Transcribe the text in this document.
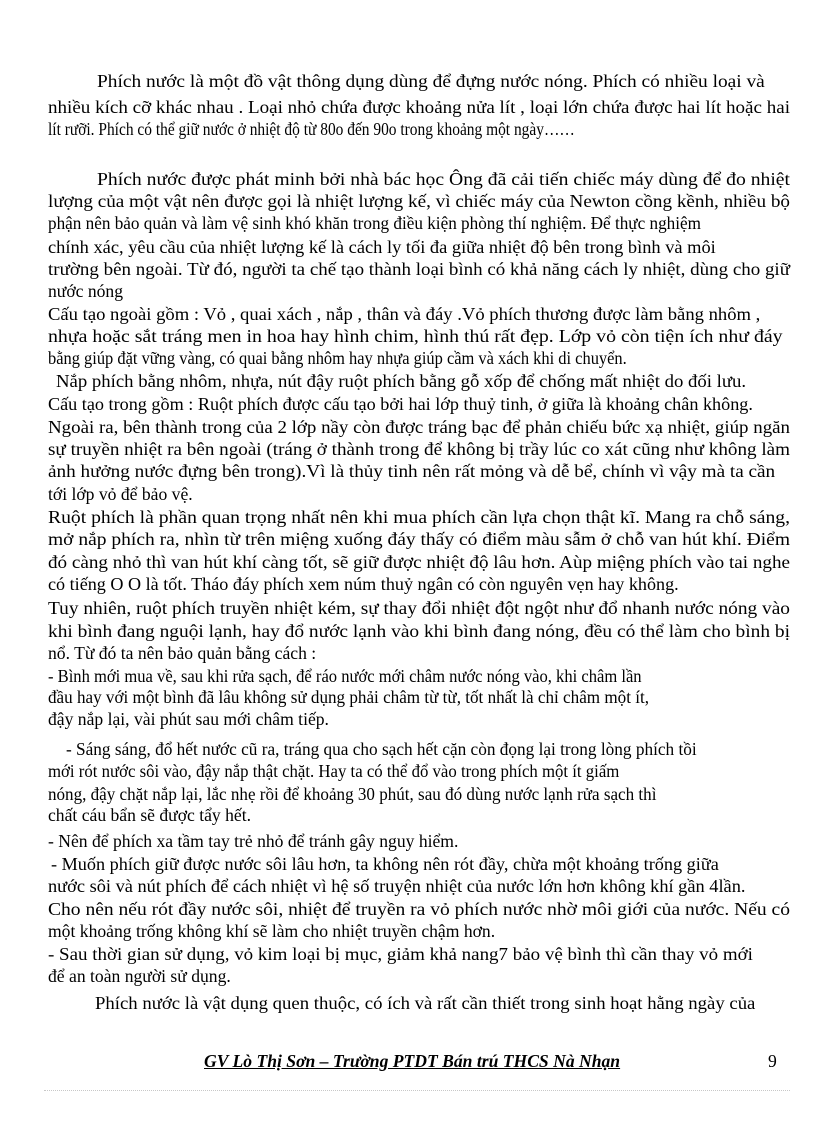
Phích nước là một đồ vật thông dụng dùng để đựng nước nóng. Phích có nhiều loại và
nhiều kích cỡ khác nhau . Loại nhỏ chứa được khoảng nửa lít , loại lớn chứa được hai lít hoặc hai
lít rưỡi. Phích có thể giữ nước ở nhiệt độ từ 80o đến 90o trong khoảng một ngày……
Phích nước được phát minh bởi nhà bác học Ông đã cải tiến chiếc máy dùng để đo nhiệt
lượng của một vật nên được gọi là nhiệt lượng kế, vì chiếc máy của Newton cồng kềnh, nhiều bộ
phận nên bảo quản và làm vệ sinh khó khăn trong điều kiện phòng thí nghiệm. Để thực nghiệm
chính xác, yêu cầu của nhiệt lượng kế là cách ly tối đa giữa nhiệt độ bên trong bình và môi
trường bên ngoài. Từ đó, người ta chế tạo thành loại bình có khả năng cách ly nhiệt, dùng cho giữ
nước nóng
Cấu tạo ngoài gồm : Vỏ , quai xách , nắp , thân và đáy .Vỏ phích thương được làm bằng nhôm ,
nhựa hoặc sắt tráng men in hoa hay hình chim, hình thú rất đẹp. Lớp vỏ còn tiện ích như đáy
bằng giúp đặt vững vàng, có quai bằng nhôm hay nhựa giúp cầm và xách khi di chuyển.
Nắp phích bằng nhôm, nhựa, nút đậy ruột phích bằng gỗ xốp để chống mất nhiệt do đối lưu.
Cấu tạo trong gồm : Ruột phích được cấu tạo bởi hai lớp thuỷ tinh, ở giữa là khoảng chân không.
Ngoài ra, bên thành trong của 2 lớp nầy còn được tráng bạc để phản chiếu bức xạ nhiệt, giúp ngăn
sự truyền nhiệt ra bên ngoài (tráng ở thành trong để không bị trầy lúc co xát cũng như không làm
ảnh hưởng nước đựng bên trong).Vì là thủy tinh nên rất mỏng và dễ bể, chính vì vậy mà ta cần
tới lớp vỏ để bảo vệ.
Ruột phích là phần quan trọng nhất nên khi mua phích cần lựa chọn thật kĩ. Mang ra chỗ sáng,
mở nắp phích ra, nhìn từ trên miệng xuống đáy thấy có điểm màu sẫm ở chỗ van hút khí. Điểm
đó càng nhỏ thì van hút khí càng tốt, sẽ giữ được nhiệt độ lâu hơn. Aùp miệng phích vào tai nghe
có tiếng O O là tốt. Tháo đáy phích xem núm thuỷ ngân có còn nguyên vẹn hay không.
Tuy nhiên, ruột phích truyền nhiệt kém, sự thay đổi nhiệt đột ngột như đổ nhanh nước nóng vào
khi bình đang nguội lạnh, hay đổ nước lạnh vào khi bình đang nóng, đều có thể làm cho bình bị
nổ. Từ đó ta nên bảo quản bằng cách :
- Bình mới mua về, sau khi rửa sạch, để ráo nước mới châm nước nóng vào, khi châm lần
đầu hay với một bình đã lâu không sử dụng phải châm từ từ, tốt nhất là chỉ châm một ít,
đậy nắp lại, vài phút sau mới châm tiếp.
- Sáng sáng, đổ hết nước cũ ra, tráng qua cho sạch hết cặn còn đọng lại trong lòng phích tồi
mới rót nước sôi vào, đậy nắp thật chặt. Hay ta có thể đổ vào trong phích một ít giấm
nóng, đậy chặt nắp lại, lắc nhẹ rồi để khoảng 30 phút, sau đó dùng nước lạnh rửa sạch thì
chất cáu bẩn sẽ được tẩy hết.
- Nên để phích xa tầm tay trẻ nhỏ để tránh gây nguy hiểm.
- Muốn phích giữ được nước sôi lâu hơn, ta không nên rót đầy, chừa một khoảng trống giữa
nước sôi và nút phích để cách nhiệt vì hệ số truyện nhiệt của nước lớn hơn không khí gần 4lần.
Cho nên nếu rót đầy nước sôi, nhiệt để truyền ra vỏ phích nước nhờ môi giới của nước. Nếu có
một khoảng trống không khí sẽ làm cho nhiệt truyền chậm hơn.
- Sau thời gian sử dụng, vỏ kim loại bị mục, giảm khả nang7 bảo vệ bình thì cần thay vỏ mới
để an toàn người sử dụng.
Phích nước là vật dụng quen thuộc, có ích và rất cần thiết trong sinh hoạt hằng ngày của
GV Lò Thị Sơn – Trường PTDT Bán trú THCS Nà Nhạn	9
